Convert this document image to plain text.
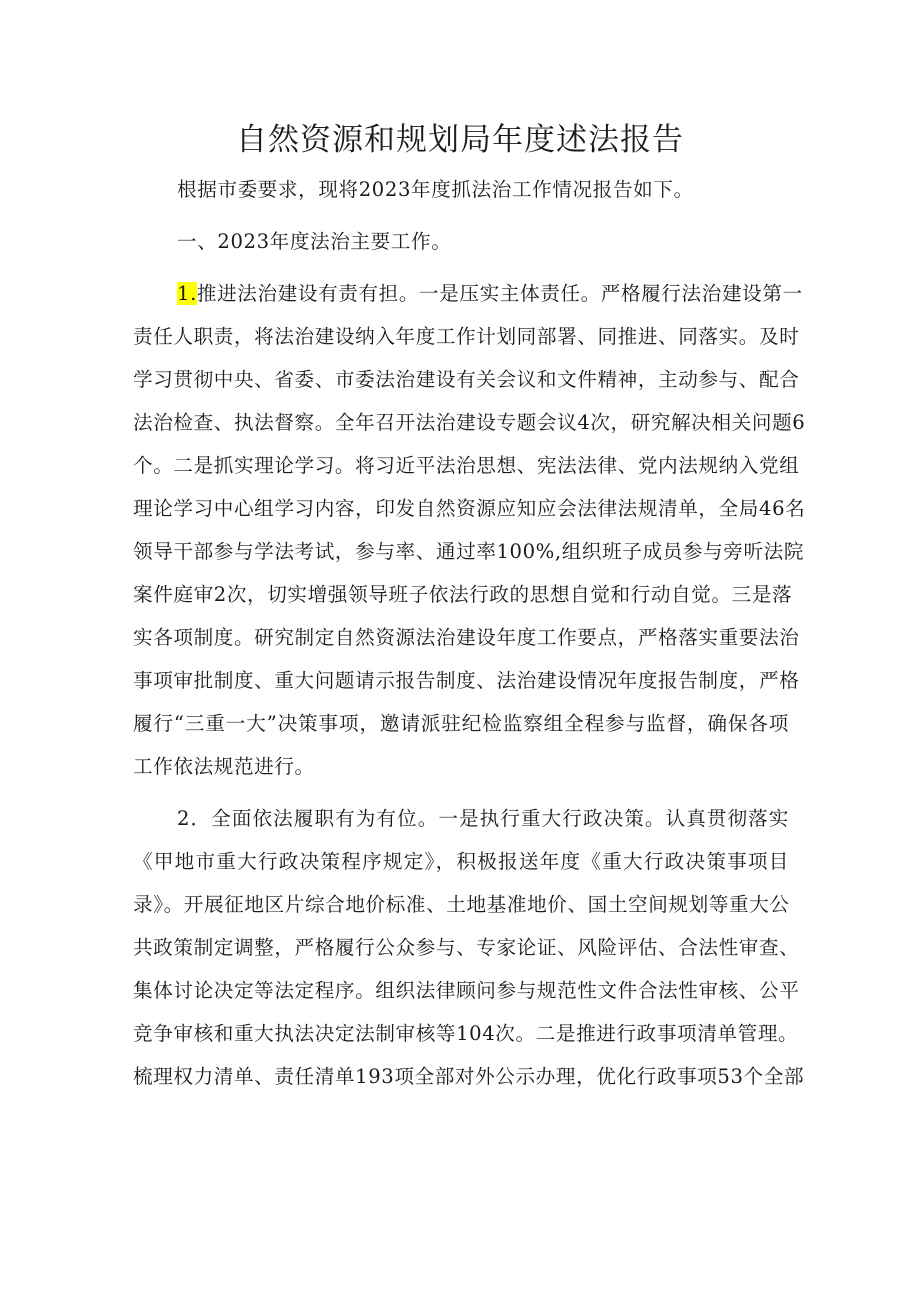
自然资源和规划局年度述法报告
根据市委要求，现将2023年度抓法治工作情况报告如下。
一、2023年度法治主要工作。
1.推进法治建设有责有担。一是压实主体责任。严格履行法治建设第一
责任人职责，将法治建设纳入年度工作计划同部署、同推进、同落实。及时
学习贯彻中央、省委、市委法治建设有关会议和文件精神，主动参与、配合
法治检查、执法督察。全年召开法治建设专题会议4次，研究解决相关问题6
个。二是抓实理论学习。将习近平法治思想、宪法法律、党内法规纳入党组
理论学习中心组学习内容，印发自然资源应知应会法律法规清单，全局46名
领导干部参与学法考试，参与率、通过率100%,组织班子成员参与旁听法院
案件庭审2次，切实增强领导班子依法行政的思想自觉和行动自觉。三是落
实各项制度。研究制定自然资源法治建设年度工作要点，严格落实重要法治
事项审批制度、重大问题请示报告制度、法治建设情况年度报告制度，严格
履行“三重一大”决策事项，邀请派驻纪检监察组全程参与监督，确保各项
工作依法规范进行。
2．全面依法履职有为有位。一是执行重大行政决策。认真贯彻落实
《甲地市重大行政决策程序规定》，积极报送年度《重大行政决策事项目
录》。开展征地区片综合地价标准、土地基准地价、国土空间规划等重大公
共政策制定调整，严格履行公众参与、专家论证、风险评估、合法性审查、
集体讨论决定等法定程序。组织法律顾问参与规范性文件合法性审核、公平
竞争审核和重大执法决定法制审核等104次。二是推进行政事项清单管理。
梳理权力清单、责任清单193项全部对外公示办理，优化行政事项53个全部
